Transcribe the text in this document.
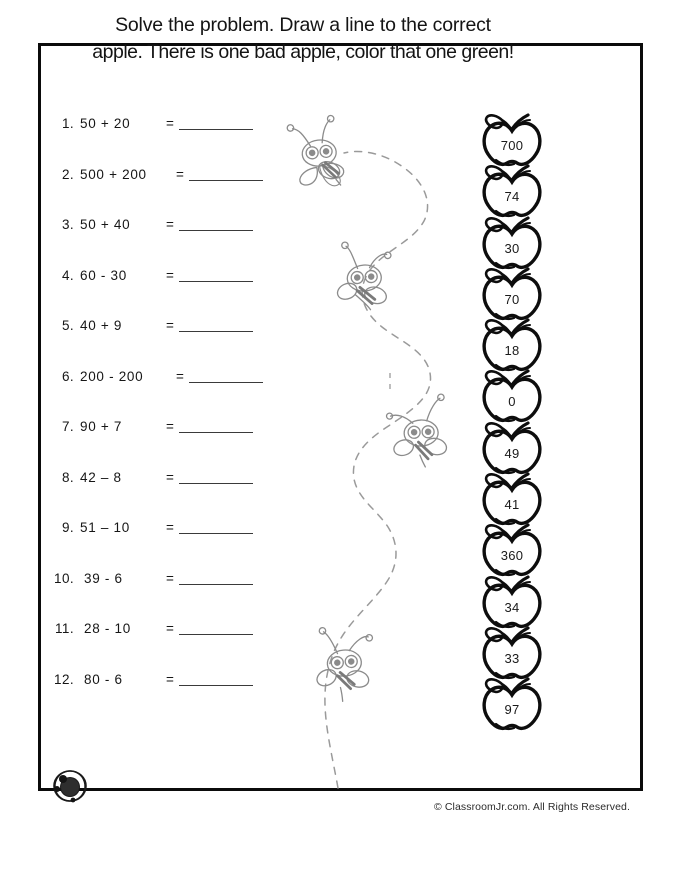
Solve the problem. Draw a line to the correct
apple. There is one bad apple, color that one green!
1. 50 + 20	=
2. 500 + 200 =
3. 50 + 40	=
4. 60 - 30	=
5. 40 + 9	=
6. 200 - 200 =
7. 90 + 7	=
8. 42 – 8	=
9. 51 – 10	=
10. 39 - 6	=
11. 28 - 10	=
12. 80 - 6	=
700
74
30
70
18
0
49
41
360
34
33
97
© ClassroomJr.com. All Rights Reserved.
